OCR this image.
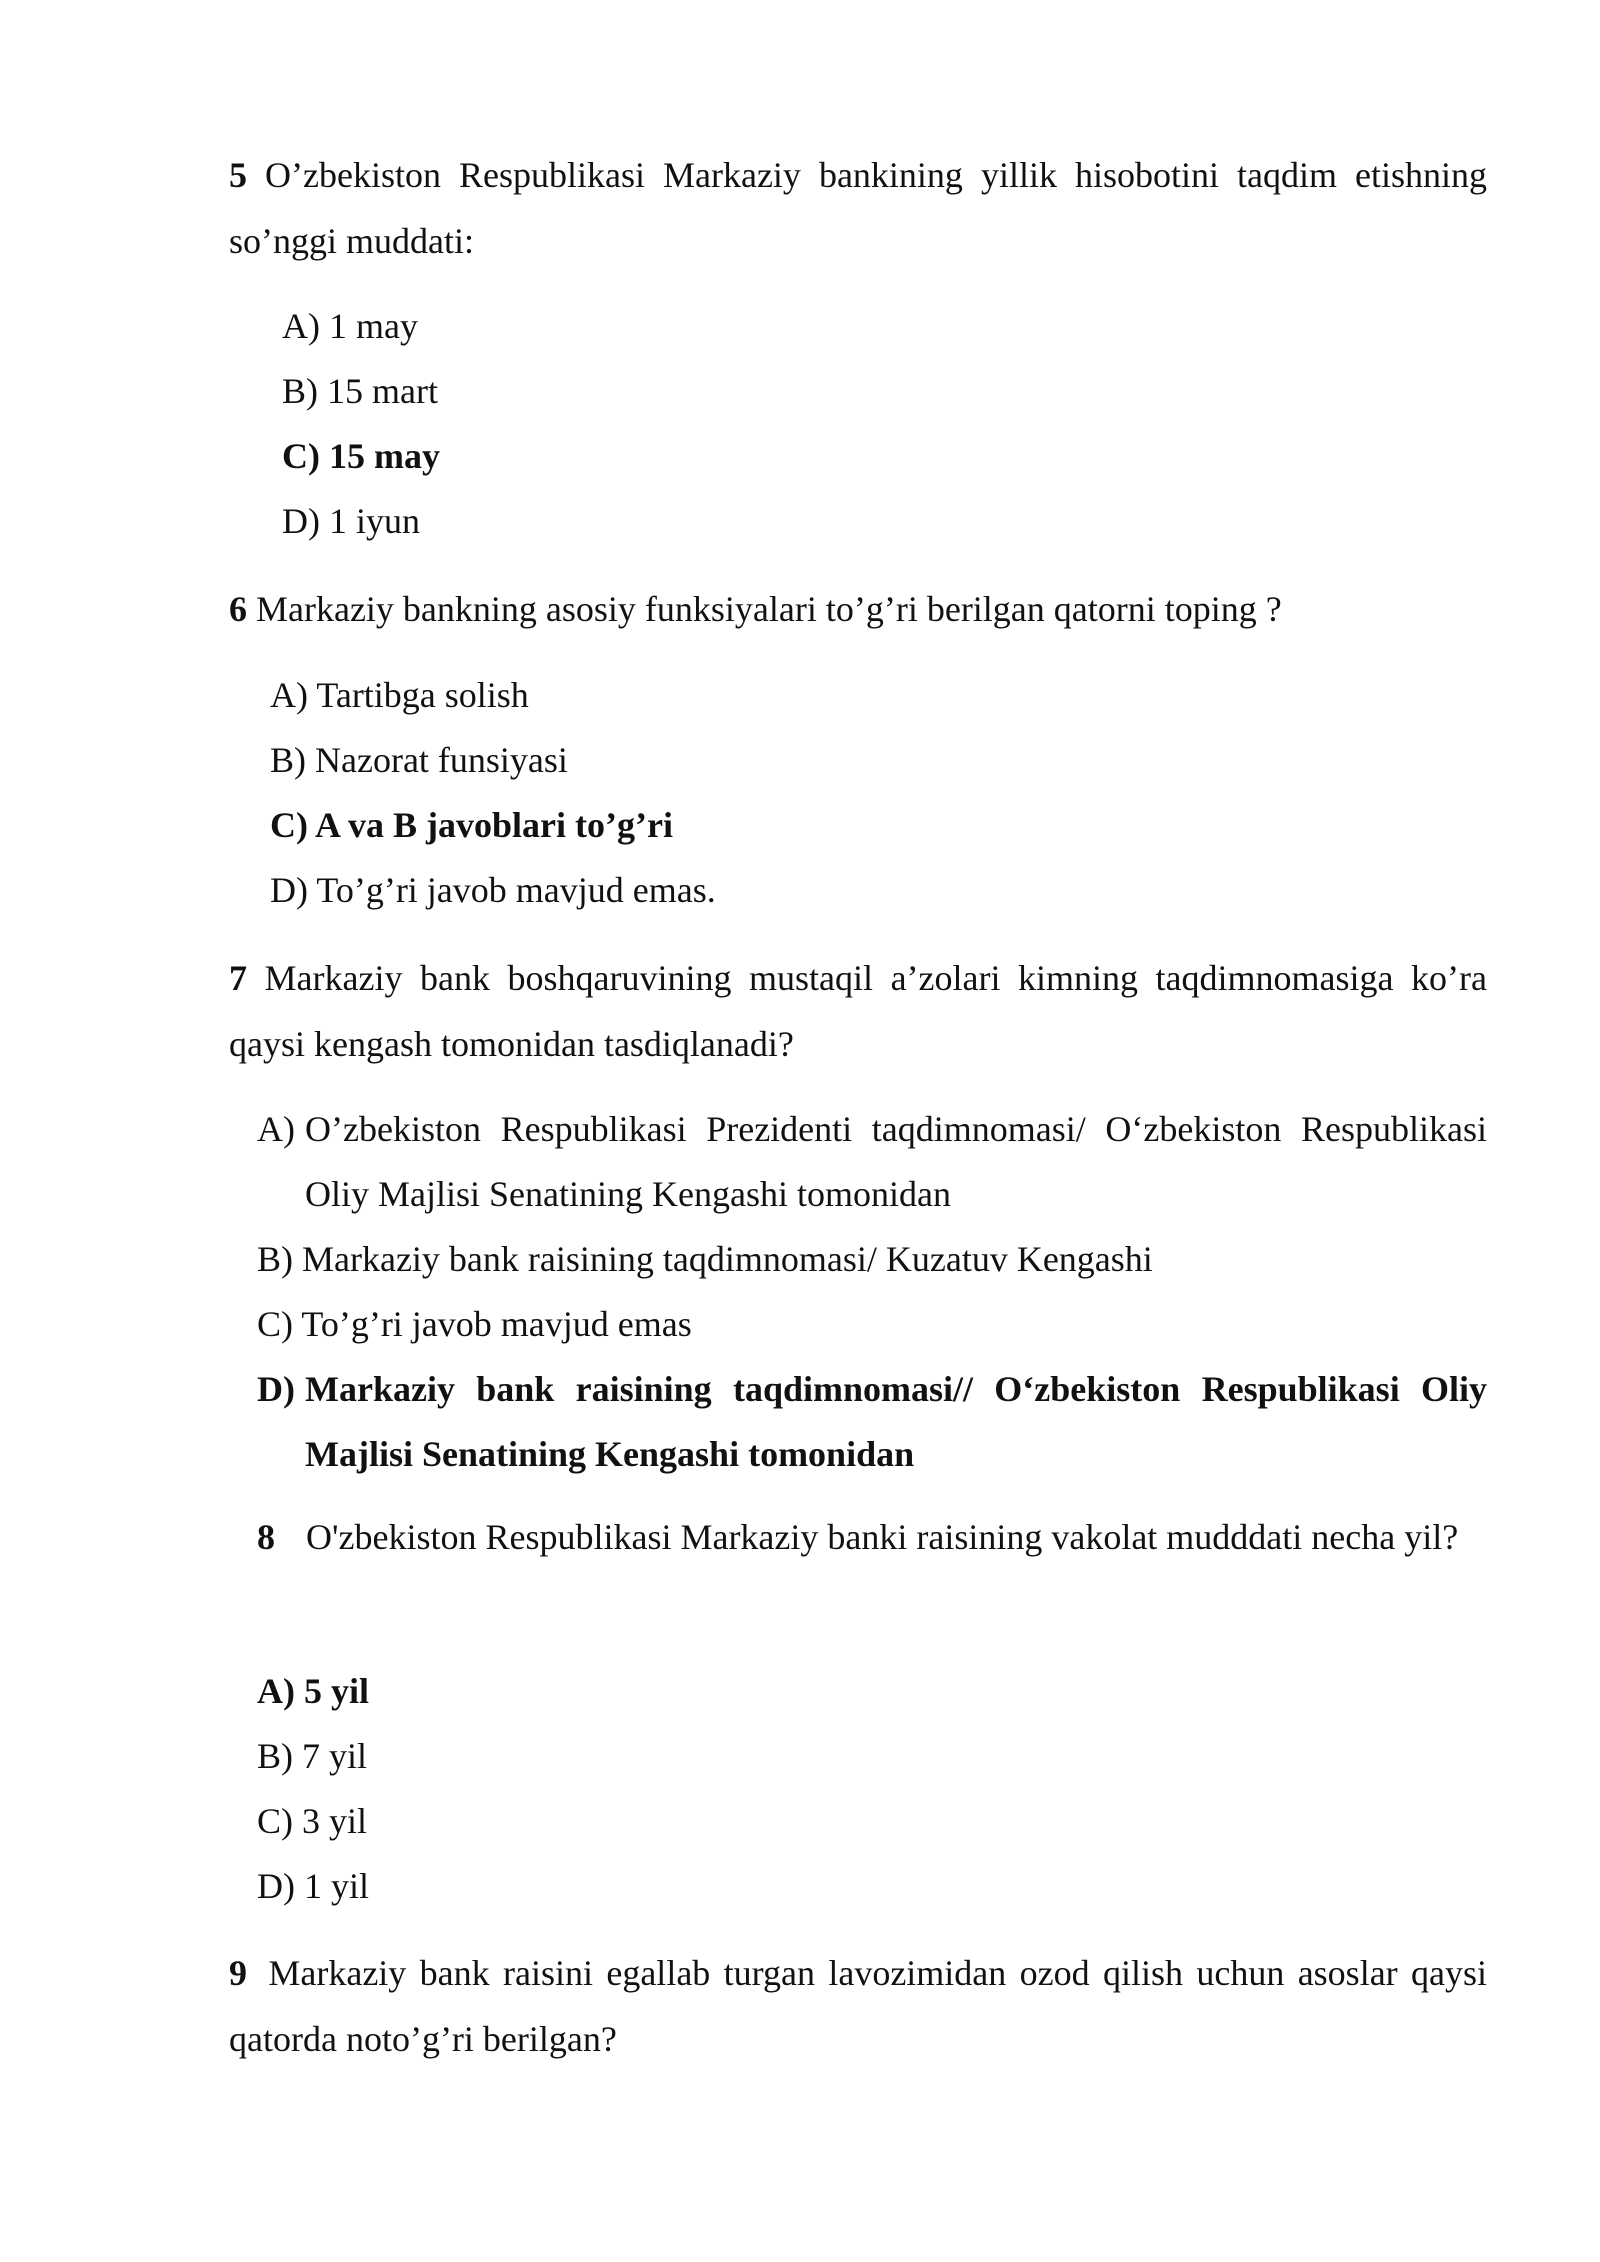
5 O’zbekiston Respublikasi Markaziy bankining yillik hisobotini taqdim etishning so’nggi muddati:
A) 1 may
B) 15 mart
C) 15 may
D) 1 iyun
6 Markaziy bankning asosiy funksiyalari to’g’ri berilgan qatorni toping ?
A) Tartibga solish
B) Nazorat funsiyasi
C) A va B javoblari to’g’ri
D) To’g’ri javob mavjud emas.
7 Markaziy bank boshqaruvining mustaqil a’zolari kimning taqdimnomasiga ko’ra qaysi kengash tomonidan tasdiqlanadi?
A) O’zbekiston Respublikasi Prezidenti taqdimnomasi/ O‘zbekiston Respublikasi Oliy Majlisi Senatining Kengashi tomonidan
B) Markaziy bank raisining taqdimnomasi/ Kuzatuv Kengashi
C) To’g’ri javob mavjud emas
D) Markaziy bank raisining taqdimnomasi// O‘zbekiston Respublikasi Oliy Majlisi Senatining Kengashi tomonidan
8 O'zbekiston Respublikasi Markaziy banki raisining vakolat mudddati necha yil?
A) 5 yil
B) 7 yil
C) 3 yil
D) 1 yil
9 Markaziy bank raisini egallab turgan lavozimidan ozod qilish uchun asoslar qaysi qatorda noto’g’ri berilgan?
